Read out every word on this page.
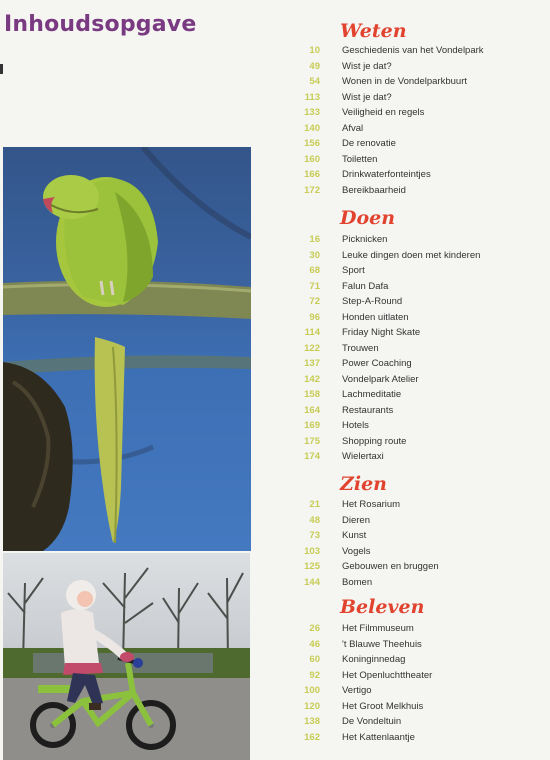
Inhoudsopgave	Weten
10 Geschiedenis van het Vondelpark
49 Wist je dat?
54 Wonen in de Vondelparkbuurt
113 Wist je dat?
133 Veiligheid en regels
140 Afval
156 De renovatie
160 Toiletten
166 Drinkwaterfonteintjes
172 Bereikbaarheid
Doen
16 Picknicken
30 Leuke dingen doen met kinderen
68 Sport
71 Falun Dafa
72 Step-A-Round
96 Honden uitlaten
114 Friday Night Skate
122 Trouwen
137 Power Coaching
142 Vondelpark Atelier
158 Lachmeditatie
164 Restaurants
169 Hotels
175 Shopping route
174 Wielertaxi
Zien
21 Het Rosarium
48 Dieren
73 Kunst
103 Vogels
125 Gebouwen en bruggen
144 Bomen
Beleven
26 Het Filmmuseum
46 't Blauwe Theehuis
60 Koninginnedag
92 Het Openluchttheater
100 Vertigo
120 Het Groot Melkhuis
138 De Vondeltuin
162 Het Kattenlaantje
